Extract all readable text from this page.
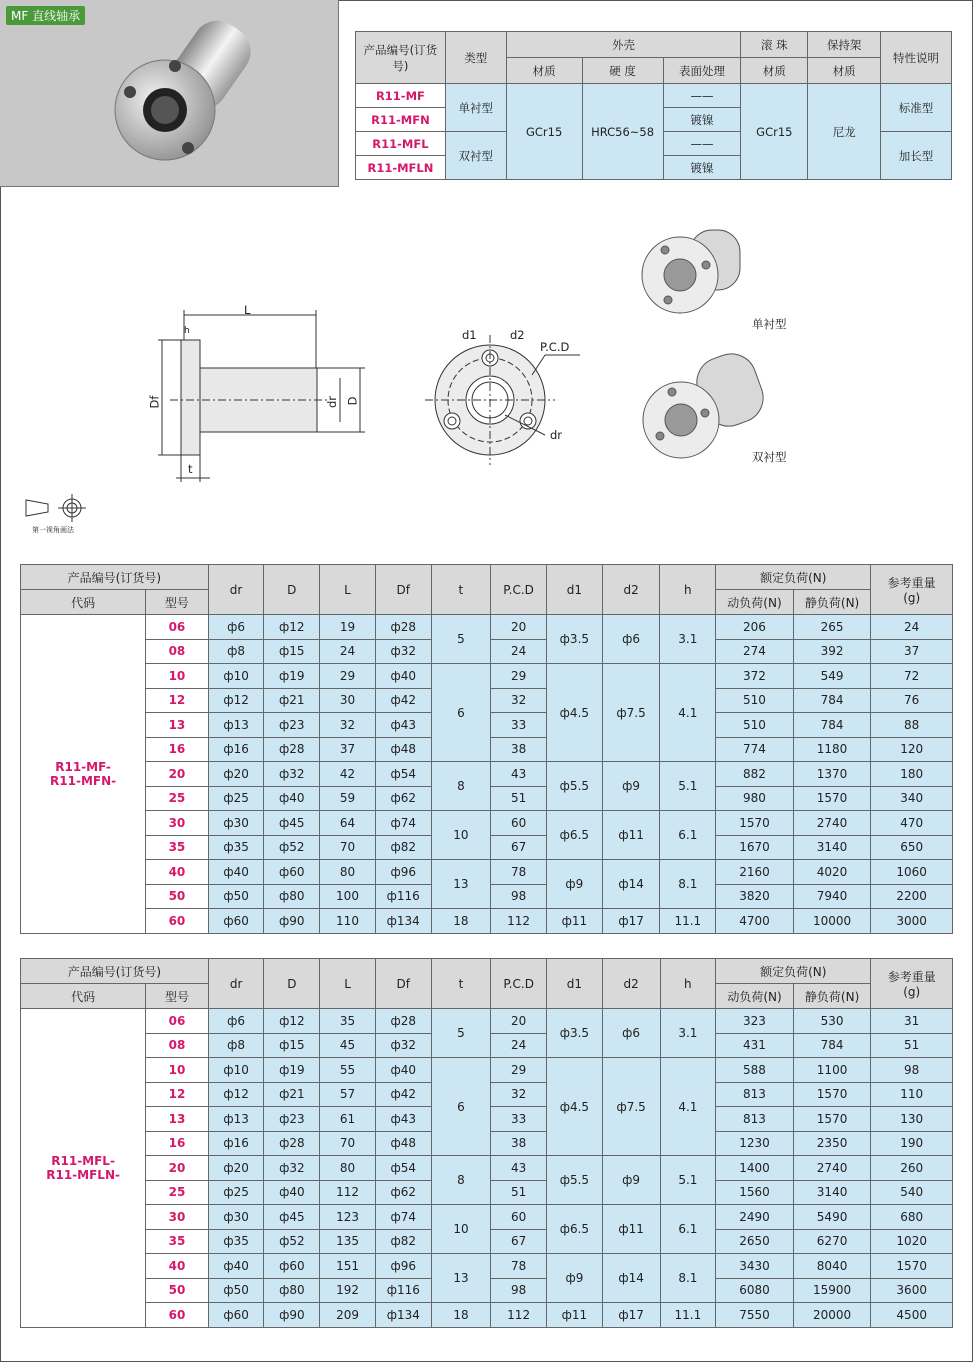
MF 直线轴承
产品编号(订货号)	类型	外壳			滚 珠	保持架	特性说明
		材质	硬 度	表面处理	材质	材质	
R11-MF	单衬型	GCr15	HRC56~58	——	GCr15	尼龙	标准型
R11-MFN				镀镍			
R11-MFL	双衬型			——			加长型
R11-MFLN				镀镍			
L
h
Df	dr D
t
d1	d2
P.C.D
dr
单衬型
双衬型
第一视角画法
产品编号(订货号)		dr	D	L	Df	t	P.C.D	d1	d2	h	额定负荷(N)		参考重量
(g)
代码	型号										动负荷(N)	静负荷(N)	
R11-MF-
R11-MFN-	06	ф6	ф12	19	ф28	5	20	ф3.5	ф6	3.1	206	265	24
	08	ф8	ф15	24	ф32		24				274	392	37
	10	ф10	ф19	29	ф40	6	29	ф4.5	ф7.5	4.1	372	549	72
	12	ф12	ф21	30	ф42		32				510	784	76
	13	ф13	ф23	32	ф43		33				510	784	88
	16	ф16	ф28	37	ф48		38				774	1180	120
	20	ф20	ф32	42	ф54	8	43	ф5.5	ф9	5.1	882	1370	180
	25	ф25	ф40	59	ф62		51				980	1570	340
	30	ф30	ф45	64	ф74	10	60	ф6.5	ф11	6.1	1570	2740	470
	35	ф35	ф52	70	ф82		67				1670	3140	650
	40	ф40	ф60	80	ф96	13	78	ф9	ф14	8.1	2160	4020	1060
	50	ф50	ф80	100	ф116		98				3820	7940	2200
	60	ф60	ф90	110	ф134	18	112	ф11	ф17	11.1	4700	10000	3000
产品编号(订货号)		dr	D	L	Df	t	P.C.D	d1	d2	h	额定负荷(N)		参考重量
(g)
代码	型号										动负荷(N)	静负荷(N)	
R11-MFL-
R11-MFLN-	06	ф6	ф12	35	ф28	5	20	ф3.5	ф6	3.1	323	530	31
	08	ф8	ф15	45	ф32		24				431	784	51
	10	ф10	ф19	55	ф40	6	29	ф4.5	ф7.5	4.1	588	1100	98
	12	ф12	ф21	57	ф42		32				813	1570	110
	13	ф13	ф23	61	ф43		33				813	1570	130
	16	ф16	ф28	70	ф48		38				1230	2350	190
	20	ф20	ф32	80	ф54	8	43	ф5.5	ф9	5.1	1400	2740	260
	25	ф25	ф40	112	ф62		51				1560	3140	540
	30	ф30	ф45	123	ф74	10	60	ф6.5	ф11	6.1	2490	5490	680
	35	ф35	ф52	135	ф82		67				2650	6270	1020
	40	ф40	ф60	151	ф96	13	78	ф9	ф14	8.1	3430	8040	1570
	50	ф50	ф80	192	ф116		98				6080	15900	3600
	60	ф60	ф90	209	ф134	18	112	ф11	ф17	11.1	7550	20000	4500
